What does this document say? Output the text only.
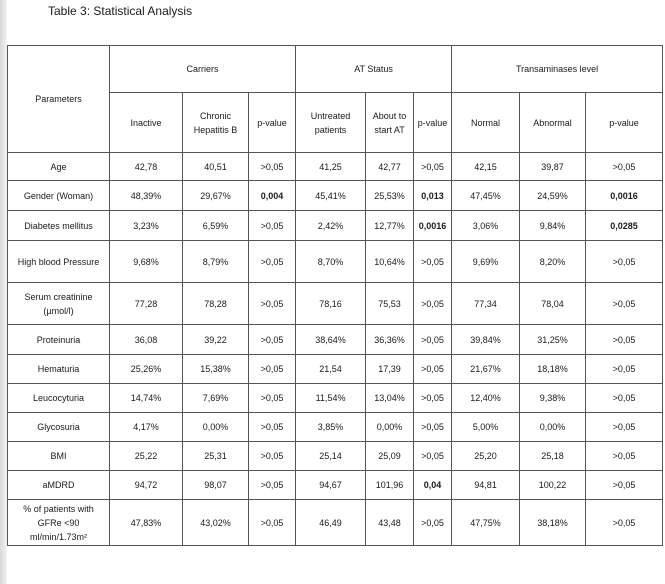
Table 3: Statistical Analysis
Parameters	Carriers			AT Status			Transaminases level		
	Inactive	Chronic Hepatitis B	p-value	Untreated patients	About to start AT	p-value	Normal	Abnormal	p-value
Age	42,78	40,51	>0,05	41,25	42,77	>0,05	42,15	39,87	>0,05
Gender (Woman)	48,39%	29,67%	0,004	45,41%	25,53%	0,013	47,45%	24,59%	0,0016
Diabetes mellitus	3,23%	6,59%	>0,05	2,42%	12,77%	0,0016	3,06%	9,84%	0,0285
High blood Pressure	9,68%	8,79%	>0,05	8,70%	10,64%	>0,05	9,69%	8,20%	>0,05
Serum creatinine (µmol/l)	77,28	78,28	>0,05	78,16	75,53	>0,05	77,34	78,04	>0,05
Proteinuria	36,08	39,22	>0,05	38,64%	36,36%	>0,05	39,84%	31,25%	>0,05
Hematuria	25,26%	15,38%	>0,05	21,54	17,39	>0,05	21,67%	18,18%	>0,05
Leucocyturia	14,74%	7,69%	>0,05	11,54%	13,04%	>0,05	12,40%	9,38%	>0,05
Glycosuria	4,17%	0,00%	>0,05	3,85%	0,00%	>0,05	5,00%	0,00%	>0,05
BMI	25,22	25,31	>0,05	25,14	25,09	>0,05	25,20	25,18	>0,05
aMDRD	94,72	98,07	>0,05	94,67	101,96	0,04	94,81	100,22	>0,05
% of patients with GFRe <90 ml/min/1.73m²	47,83%	43,02%	>0,05	46,49	43,48	>0,05	47,75%	38,18%	>0,05
